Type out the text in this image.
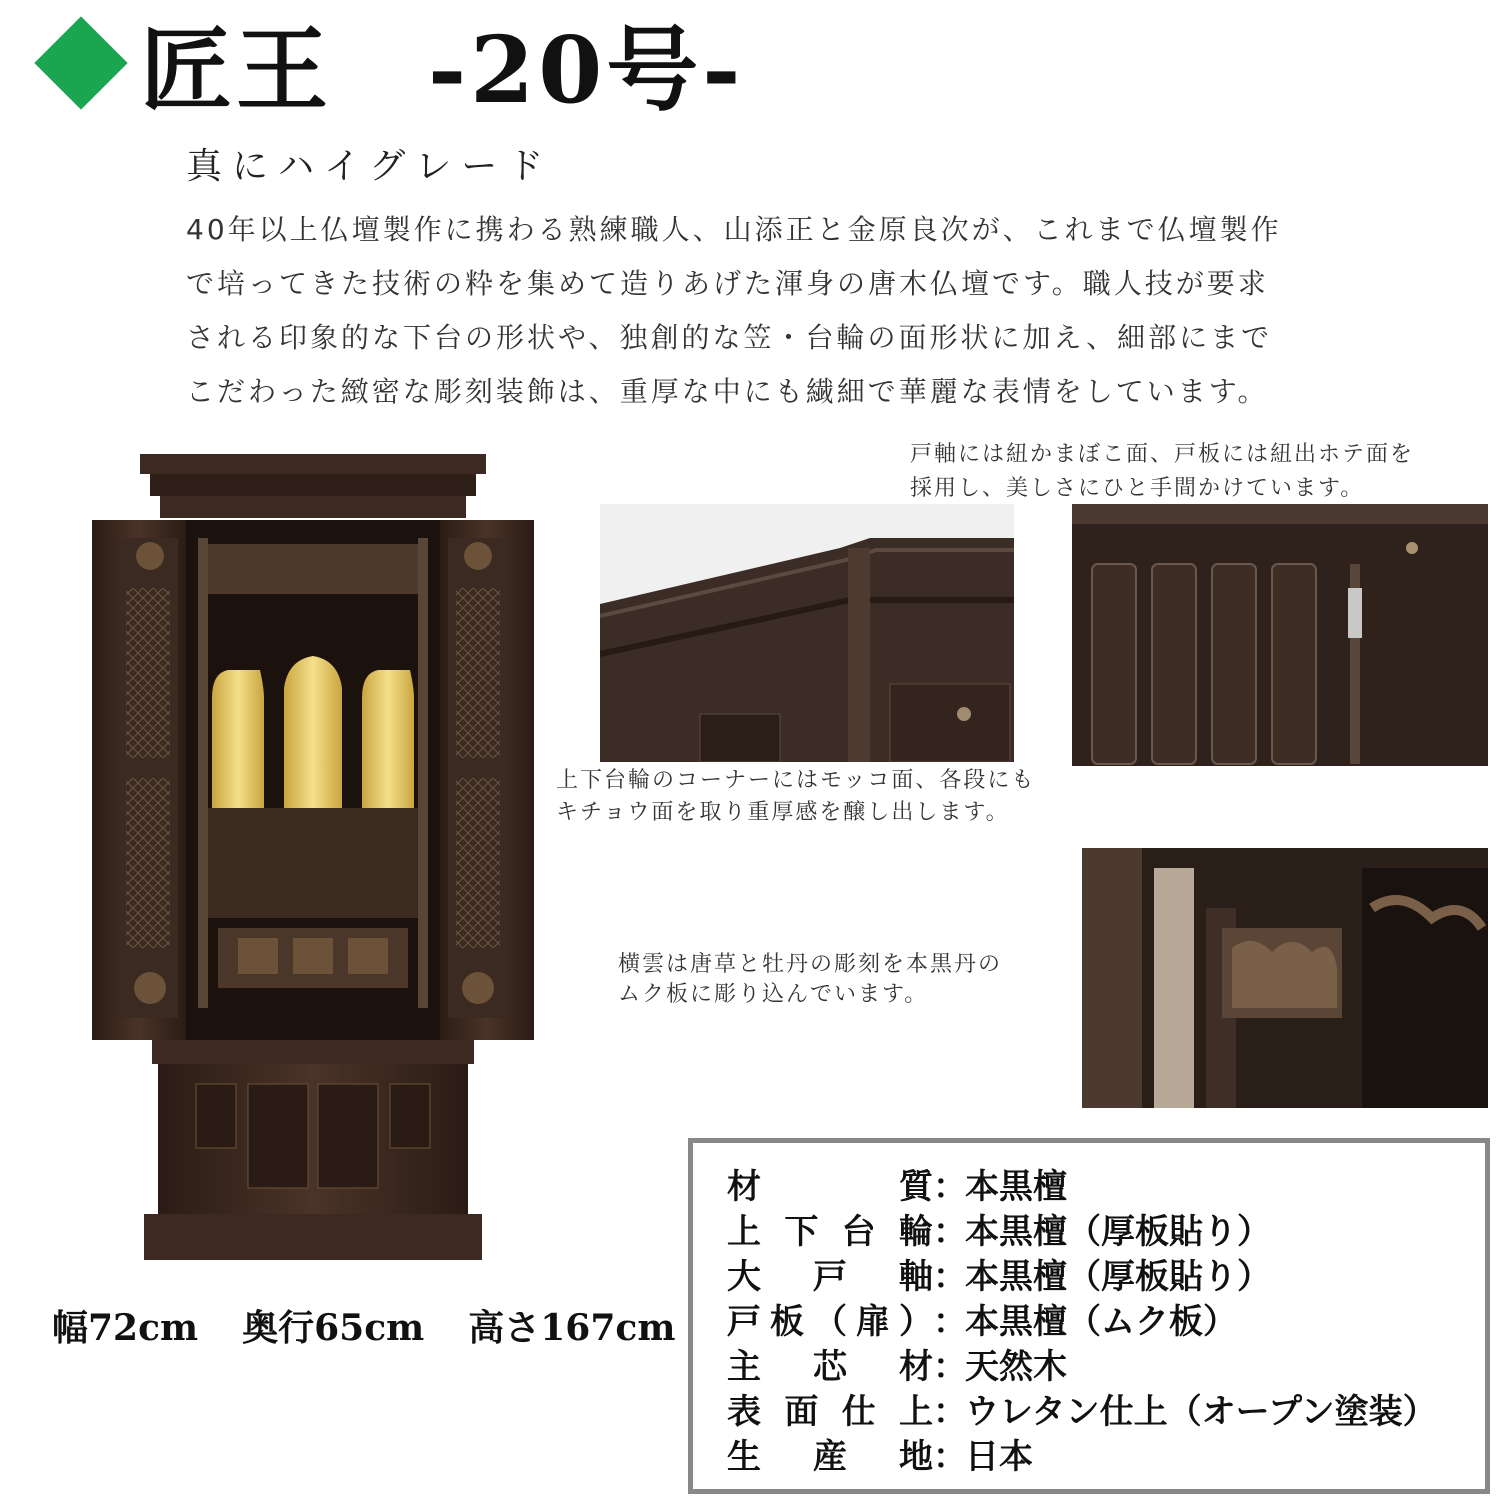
匠王　-20号-
真にハイグレード
40年以上仏壇製作に携わる熟練職人、山添正と金原良次が、これまで仏壇製作
で培ってきた技術の粋を集めて造りあげた渾身の唐木仏壇です。職人技が要求
される印象的な下台の形状や、独創的な笠・台輪の面形状に加え、細部にまで
こだわった緻密な彫刻装飾は、重厚な中にも繊細で華麗な表情をしています。
戸軸には紐かまぼこ面、戸板には紐出ホテ面を
採用し、美しさにひと手間かけています。
上下台輪のコーナーにはモッコ面、各段にも
キチョウ面を取り重厚感を醸し出します。
横雲は唐草と牡丹の彫刻を本黒丹の
ムク板に彫り込んでいます。
幅72cm 奥行65cm 高さ167cm
材質：本黒檀
上下台輪：本黒檀（厚板貼り）
大戸軸：本黒檀（厚板貼り）
戸板（扉）：本黒檀（ムク板）
主芯材：天然木
表面仕上：ウレタン仕上（オープン塗装）
生産地：日本
